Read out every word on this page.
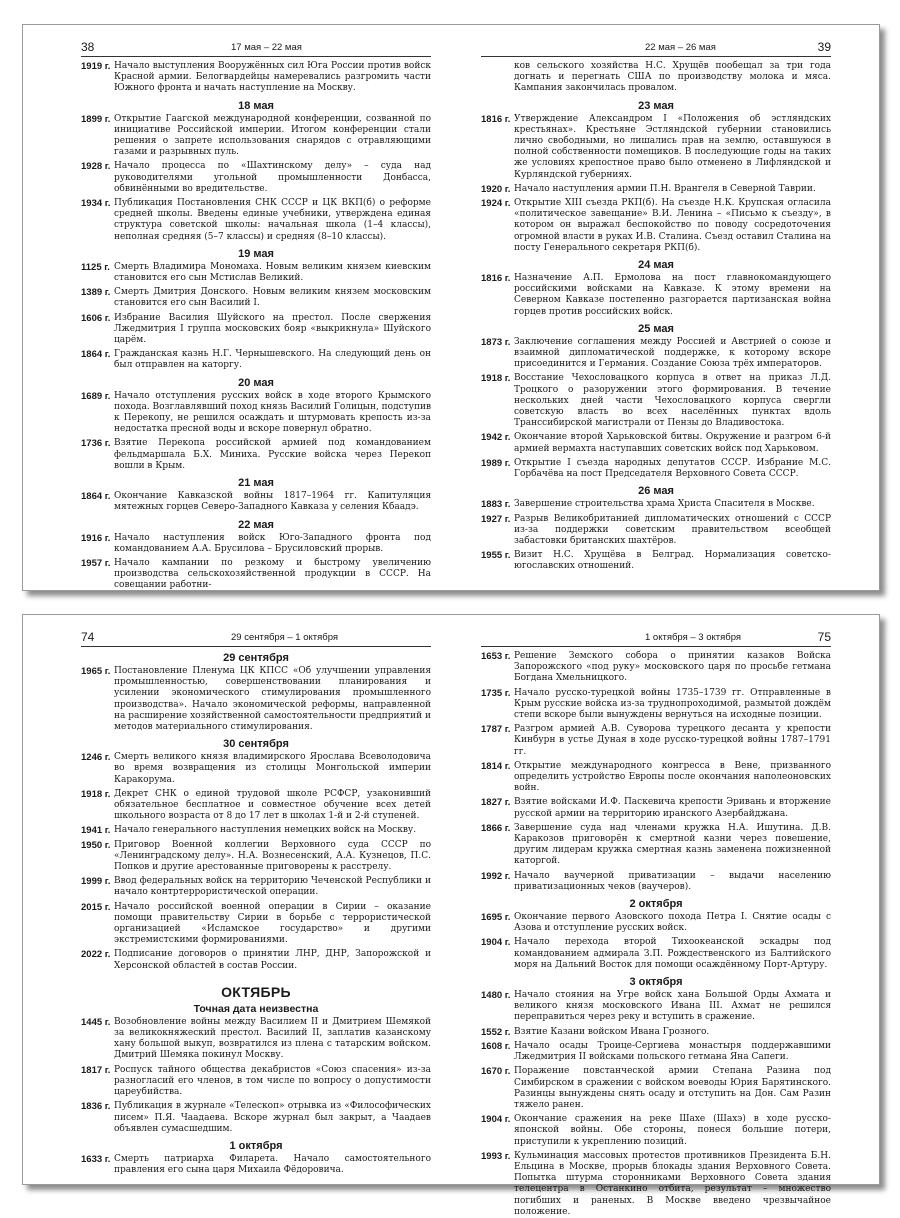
38	17 мая – 22 мая
1919 г. Начало выступления Вооружённых сил Юга России против войск Красной армии. Белогвардейцы намеревались разгромить части Южного фронта и начать наступление на Москву.
18 мая
1899 г. Открытие Гаагской международной конференции, созванной по инициативе Российской империи. Итогом конференции стали решения о запрете использования снарядов с отравляющими газами и разрывных пуль.
1928 г. Начало процесса по «Шахтинскому делу» – суда над руководителями угольной промышленности Донбасса, обвинёнными во вредительстве.
1934 г. Публикация Постановления СНК СССР и ЦК ВКП(б) о реформе средней школы. Введены единые учебники, утверждена единая структура советской школы: начальная школа (1–4 классы), неполная средняя (5–7 классы) и средняя (8–10 классы).
19 мая
1125 г. Смерть Владимира Мономаха. Новым великим князем киевским становится его сын Мстислав Великий.
1389 г. Смерть Дмитрия Донского. Новым великим князем московским становится его сын Василий I.
1606 г. Избрание Василия Шуйского на престол. После свержения Лжедмитрия I группа московских бояр «выкрикнула» Шуйского царём.
1864 г. Гражданская казнь Н.Г. Чернышевского. На следующий день он был отправлен на каторгу.
20 мая
1689 г. Начало отступления русских войск в ходе второго Крымского похода. Возглавлявший поход князь Василий Голицын, подступив к Перекопу, не решился осаждать и штурмовать крепость из-за недостатка пресной воды и вскоре повернул обратно.
1736 г. Взятие Перекопа российской армией под командованием фельдмаршала Б.Х. Миниха. Русские войска через Перекоп вошли в Крым.
21 мая
1864 г. Окончание Кавказской войны 1817–1964 гг. Капитуляция мятежных горцев Северо-Западного Кавказа у селения Кбаадэ.
22 мая
1916 г. Начало наступления войск Юго-Западного фронта под командованием А.А. Брусилова – Брусиловский прорыв.
1957 г. Начало кампании по резкому и быстрому увеличению производства сельскохозяйственной продукции в СССР. На совещании работни-
39
22 мая – 26 мая
ков сельского хозяйства Н.С. Хрущёв пообещал за три года догнать и перегнать США по производству молока и мяса. Кампания закончилась провалом.
23 мая
1816 г. Утверждение Александром I «Положения об эстляндских крестьянах». Крестьяне Эстляндской губернии становились лично свободными, но лишались прав на землю, оставшуюся в полной собственности помещиков. В последующие годы на таких же условиях крепостное право было отменено в Лифляндской и Курляндской губерниях.
1920 г. Начало наступления армии П.Н. Врангеля в Северной Таврии.
1924 г. Открытие XIII съезда РКП(б). На съезде Н.К. Крупская огласила «политическое завещание» В.И. Ленина – «Письмо к съезду», в котором он выражал беспокойство по поводу сосредоточения огромной власти в руках И.В. Сталина. Съезд оставил Сталина на посту Генерального секретаря РКП(б).
24 мая
1816 г. Назначение А.П. Ермолова на пост главнокомандующего российскими войсками на Кавказе. К этому времени на Северном Кавказе постепенно разгорается партизанская война горцев против российских войск.
25 мая
1873 г. Заключение соглашения между Россией и Австрией о союзе и взаимной дипломатической поддержке, к которому вскоре присоединится и Германия. Создание Союза трёх императоров.
1918 г. Восстание Чехословацкого корпуса в ответ на приказ Л.Д. Троцкого о разоружении этого формирования. В течение нескольких дней части Чехословацкого корпуса свергли советскую власть во всех населённых пунктах вдоль Транссибирской магистрали от Пензы до Владивостока.
1942 г. Окончание второй Харьковской битвы. Окружение и разгром 6-й армией вермахта наступавших советских войск под Харьковом.
1989 г. Открытие I съезда народных депутатов СССР. Избрание М.С. Горбачёва на пост Председателя Верховного Совета СССР.
26 мая
1883 г. Завершение строительства храма Христа Спасителя в Москве.
1927 г. Разрыв Великобританией дипломатических отношений с СССР из-за поддержки советским правительством всеобщей забастовки британских шахтёров.
1955 г. Визит Н.С. Хрущёва в Белград. Нормализация советско-югославских отношений.
74	29 сентября – 1 октября
29 сентября
1965 г. Постановление Пленума ЦК КПСС «Об улучшении управления промышленностью, совершенствовании планирования и усилении экономического стимулирования промышленного производства». Начало экономической реформы, направленной на расширение хозяйственной самостоятельности предприятий и методов материального стимулирования.
30 сентября
1246 г. Смерть великого князя владимирского Ярослава Всеволодовича во время возвращения из столицы Монгольской империи Каракорума.
1918 г. Декрет СНК о единой трудовой школе РСФСР, узаконивший обязательное бесплатное и совместное обучение всех детей школьного возраста от 8 до 17 лет в школах 1-й и 2-й ступеней.
1941 г. Начало генерального наступления немецких войск на Москву.
1950 г. Приговор Военной коллегии Верховного суда СССР по «Ленинградскому делу». Н.А. Вознесенский, А.А. Кузнецов, П.С. Попков и другие арестованные приговорены к расстрелу.
1999 г. Ввод федеральных войск на территорию Чеченской Республики и начало контртеррористической операции.
2015 г. Начало российской военной операции в Сирии – оказание помощи правительству Сирии в борьбе с террористической организацией «Исламское государство» и другими экстремистскими формированиями.
2022 г. Подписание договоров о принятии ЛНР, ДНР, Запорожской и Херсонской областей в состав России.
ОКТЯБРЬ
Точная дата неизвестна
1445 г. Возобновление войны между Василием II и Дмитрием Шемякой за великокняжеский престол. Василий II, заплатив казанскому хану большой выкуп, возвратился из плена с татарским войском. Дмитрий Шемяка покинул Москву.
1817 г. Роспуск тайного общества декабристов «Союз спасения» из-за разногласий его членов, в том числе по вопросу о допустимости цареубийства.
1836 г. Публикация в журнале «Телескоп» отрывка из «Философических писем» П.Я. Чаадаева. Вскоре журнал был закрыт, а Чаадаев объявлен сумасшедшим.
1 октября
1633 г. Смерть патриарха Филарета. Начало самостоятельного правления его сына царя Михаила Фёдоровича.
75
1 октября – 3 октября
1653 г. Решение Земского собора о принятии казаков Войска Запорожского «под руку» московского царя по просьбе гетмана Богдана Хмельницкого.
1735 г. Начало русско-турецкой войны 1735–1739 гг. Отправленные в Крым русские войска из-за труднопроходимой, размытой дождём степи вскоре были вынуждены вернуться на исходные позиции.
1787 г. Разгром армией А.В. Суворова турецкого десанта у крепости Кинбурн в устье Дуная в ходе русско-турецкой войны 1787–1791 гг.
1814 г. Открытие международного конгресса в Вене, призванного определить устройство Европы после окончания наполеоновских войн.
1827 г. Взятие войсками И.Ф. Паскевича крепости Эривань и вторжение русской армии на территорию иранского Азербайджана.
1866 г. Завершение суда над членами кружка Н.А. Ишутина. Д.В. Каракозов приговорён к смертной казни через повешение, другим лидерам кружка смертная казнь заменена пожизненной каторгой.
1992 г. Начало ваучерной приватизации – выдачи населению приватизационных чеков (ваучеров).
2 октября
1695 г. Окончание первого Азовского похода Петра I. Снятие осады с Азова и отступление русских войск.
1904 г. Начало перехода второй Тихоокеанской эскадры под командованием адмирала З.П. Рождественского из Балтийского моря на Дальний Восток для помощи осаждённому Порт-Артуру.
3 октября
1480 г. Начало стояния на Угре войск хана Большой Орды Ахмата и великого князя московского Ивана III. Ахмат не решился переправиться через реку и вступить в сражение.
1552 г. Взятие Казани войском Ивана Грозного.
1608 г. Начало осады Троице-Сергиева монастыря поддержавшими Лжедмитрия II войсками польского гетмана Яна Сапеги.
1670 г. Поражение повстанческой армии Степана Разина под Симбирском в сражении с войском воеводы Юрия Барятинского. Разинцы вынуждены снять осаду и отступить на Дон. Сам Разин тяжело ранен.
1904 г. Окончание сражения на реке Шахе (Шахэ) в ходе русско-японской войны. Обе стороны, понеся большие потери, приступили к укреплению позиций.
1993 г. Кульминация массовых протестов противников Президента Б.Н. Ельцина в Москве, прорыв блокады здания Верховного Совета. Попытка штурма сторонниками Верховного Совета здания телецентра в Останкино отбита, результат – множество погибших и раненых. В Москве введено чрезвычайное положение.
